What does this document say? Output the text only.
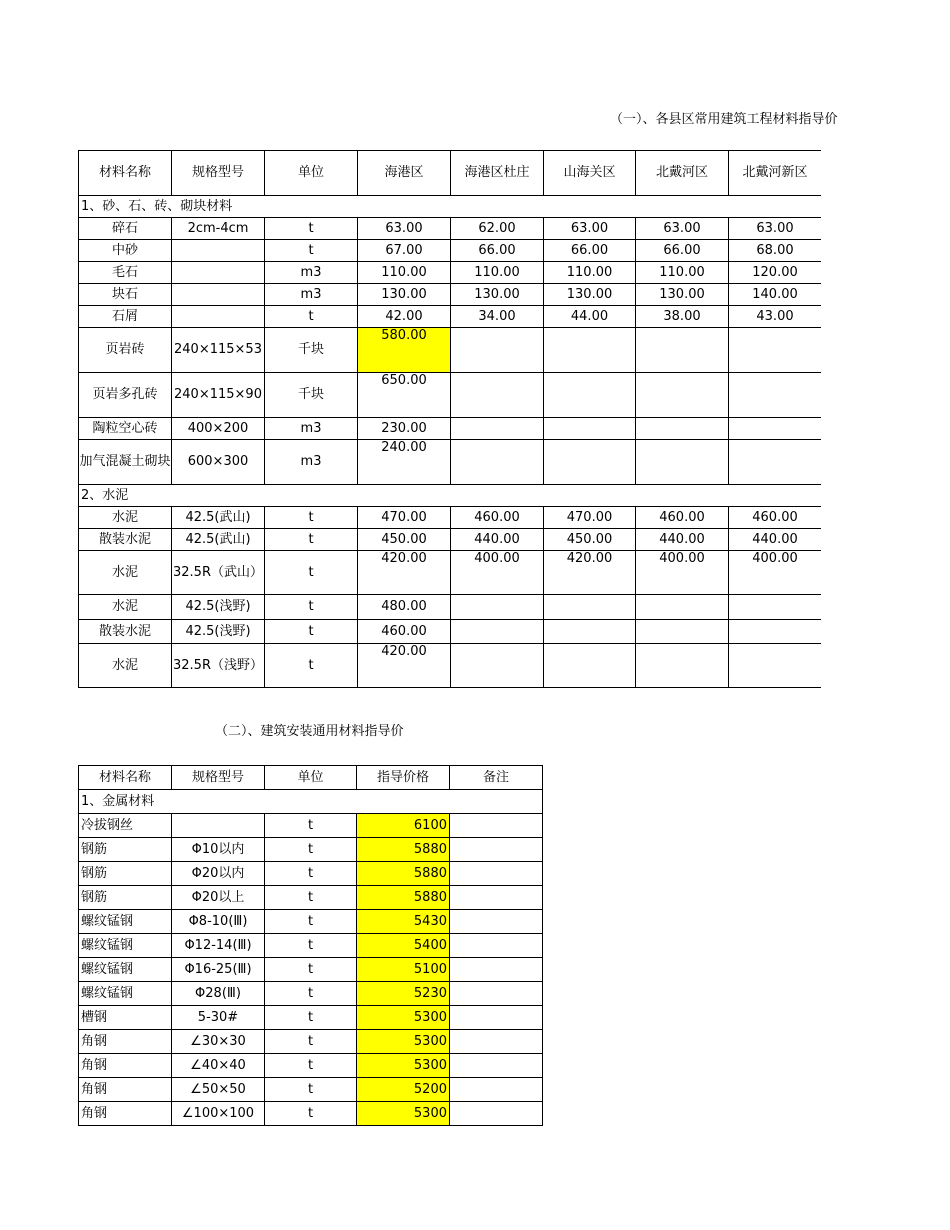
（一）、各县区常用建筑工程材料指导价
材料名称	规格型号	单位	海港区	海港区杜庄	山海关区	北戴河区	北戴河新区
1、砂、石、砖、砌块材料							
碎石	2cm-4cm	t	63.00	62.00	63.00	63.00	63.00
中砂		t	67.00	66.00	66.00	66.00	68.00
毛石		m3	110.00	110.00	110.00	110.00	120.00
块石		m3	130.00	130.00	130.00	130.00	140.00
石屑		t	42.00	34.00	44.00	38.00	43.00
页岩砖	240×115×53	千块	580.00				
页岩多孔砖	240×115×90	千块	650.00				
陶粒空心砖	400×200	m3	230.00				
加气混凝土砌块	600×300	m3	240.00				
2、水泥							
水泥	42.5(武山)	t	470.00	460.00	470.00	460.00	460.00
散装水泥	42.5(武山)	t	450.00	440.00	450.00	440.00	440.00
水泥	32.5R（武山）	t	420.00	400.00	420.00	400.00	400.00
水泥	42.5(浅野)	t	480.00				
散装水泥	42.5(浅野)	t	460.00				
水泥	32.5R（浅野）	t	420.00				
（二）、建筑安装通用材料指导价
材料名称	规格型号	单位	指导价格	备注
1、金属材料				
冷拔钢丝		t	6100	
钢筋	Φ10以内	t	5880	
钢筋	Φ20以内	t	5880	
钢筋	Φ20以上	t	5880	
螺纹锰钢	Φ8-10(Ⅲ)	t	5430	
螺纹锰钢	Φ12-14(Ⅲ)	t	5400	
螺纹锰钢	Φ16-25(Ⅲ)	t	5100	
螺纹锰钢	Φ28(Ⅲ)	t	5230	
槽钢	5-30#	t	5300	
角钢	∠30×30	t	5300	
角钢	∠40×40	t	5300	
角钢	∠50×50	t	5200	
角钢	∠100×100	t	5300	
